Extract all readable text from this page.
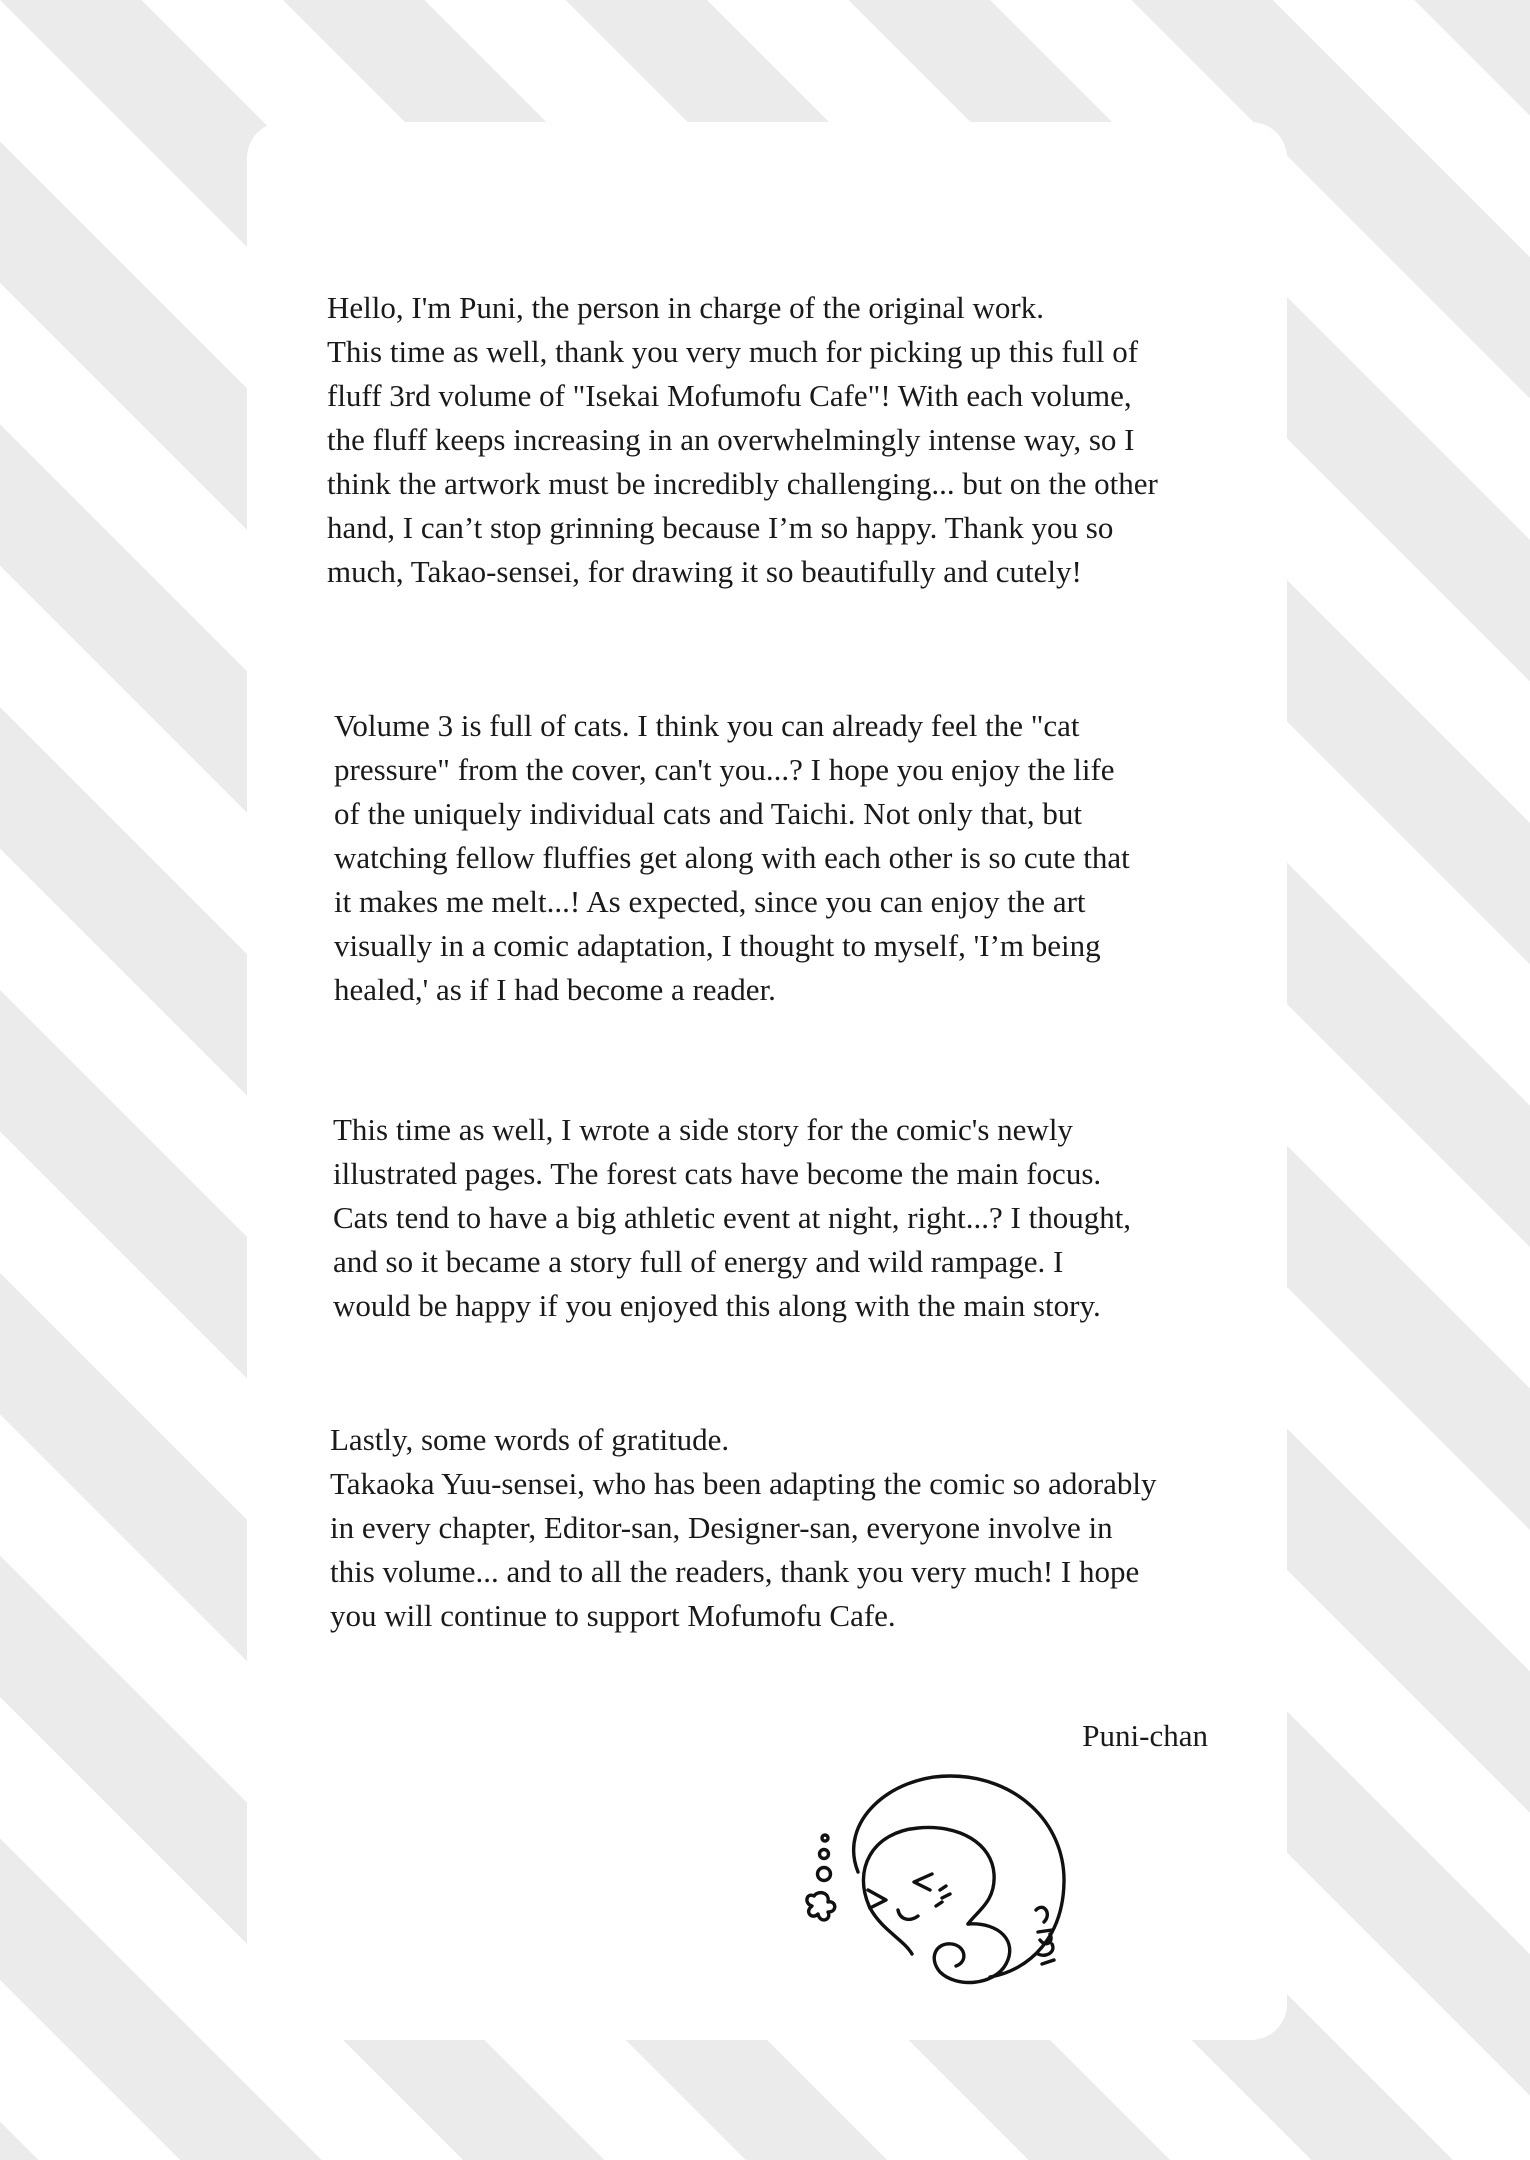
Hello, I'm Puni, the person in charge of the original work.
This time as well, thank you very much for picking up this full of
fluff 3rd volume of "Isekai Mofumofu Cafe"! With each volume,
the fluff keeps increasing in an overwhelmingly intense way, so I
think the artwork must be incredibly challenging... but on the other
hand, I can’t stop grinning because I’m so happy. Thank you so
much, Takao-sensei, for drawing it so beautifully and cutely!
Volume 3 is full of cats. I think you can already feel the "cat
pressure" from the cover, can't you...? I hope you enjoy the life
of the uniquely individual cats and Taichi. Not only that, but
watching fellow fluffies get along with each other is so cute that
it makes me melt...! As expected, since you can enjoy the art
visually in a comic adaptation, I thought to myself, 'I’m being
healed,' as if I had become a reader.
This time as well, I wrote a side story for the comic's newly
illustrated pages. The forest cats have become the main focus.
Cats tend to have a big athletic event at night, right...? I thought,
and so it became a story full of energy and wild rampage. I
would be happy if you enjoyed this along with the main story.
Lastly, some words of gratitude.
Takaoka Yuu-sensei, who has been adapting the comic so adorably
in every chapter, Editor-san, Designer-san, everyone involve in
this volume... and to all the readers, thank you very much! I hope
you will continue to support Mofumofu Cafe.
Puni-chan
